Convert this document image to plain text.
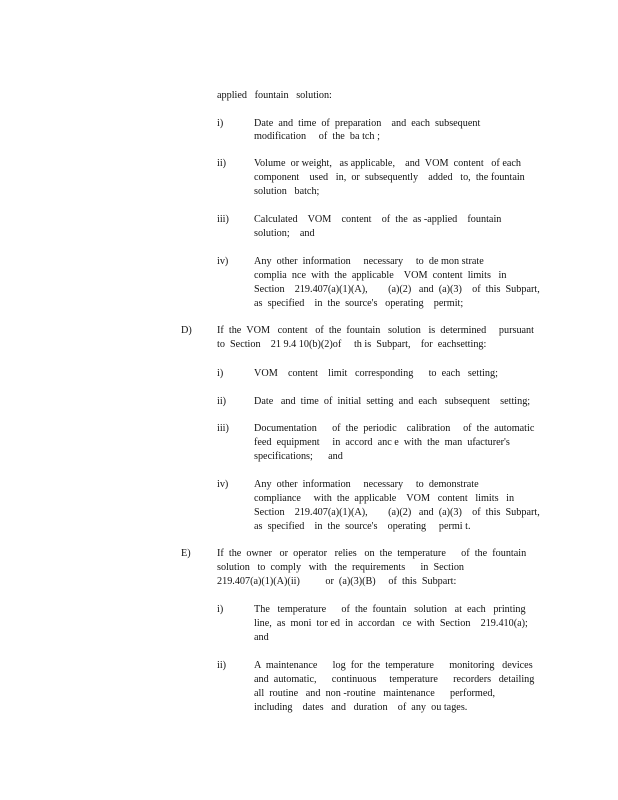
applied   fountain   solution:
i)	Date  and  time  of  preparation    and  each  subsequent
modification     of  the  ba tch ;
ii)	Volume  or weight,   as applicable,    and  VOM  content   of each
component    used   in,  or  subsequently    added   to,  the fountain
solution   batch;
iii) Calculated    VOM    content    of  the  as -applied    fountain
solution;    and
iv)	Any  other  information     necessary     to  de mon strate
complia  nce  with  the  applicable    VOM  content  limits   in
Section    219.407(a)(1)(A),        (a)(2)   and  (a)(3)    of  this  Subpart,
as  specified    in  the  source's   operating    permit;
D) If  the  VOM   content   of  the  fountain   solution   is  determined     pursuant
to  Section    21 9.4 10(b)(2)of     th is  Subpart,    for  eachsetting:
i)	VOM    content    limit   corresponding      to  each   setting;
ii)	Date   and  time  of  initial  setting  and  each   subsequent    setting;
iii) Documentation      of  the  periodic    calibration     of  the  automatic
feed  equipment     in  accord  anc e  with  the  man  ufacturer's
specifications;      and
iv)	Any  other  information     necessary     to  demonstrate
compliance     with  the  applicable    VOM   content   limits   in
Section    219.407(a)(1)(A),        (a)(2)   and  (a)(3)    of  this  Subpart,
as  specified    in  the  source's    operating     permi t.
E)	If  the  owner   or  operator   relies   on  the  temperature      of  the  fountain
solution   to  comply   with   the  requirements      in  Section
219.407(a)(1)(A)(ii)          or  (a)(3)(B)     of  this  Subpart:
i)	The   temperature      of  the  fountain   solution   at  each   printing
line,  as  moni  tor ed  in  accordan   ce  with  Section    219.410(a);
and
ii)	A  maintenance      log  for  the  temperature      monitoring   devices
and  automatic,      continuous     temperature      recorders   detailing
all  routine   and  non -routine   maintenance      performed,
including    dates   and   duration    of  any  ou tages.
